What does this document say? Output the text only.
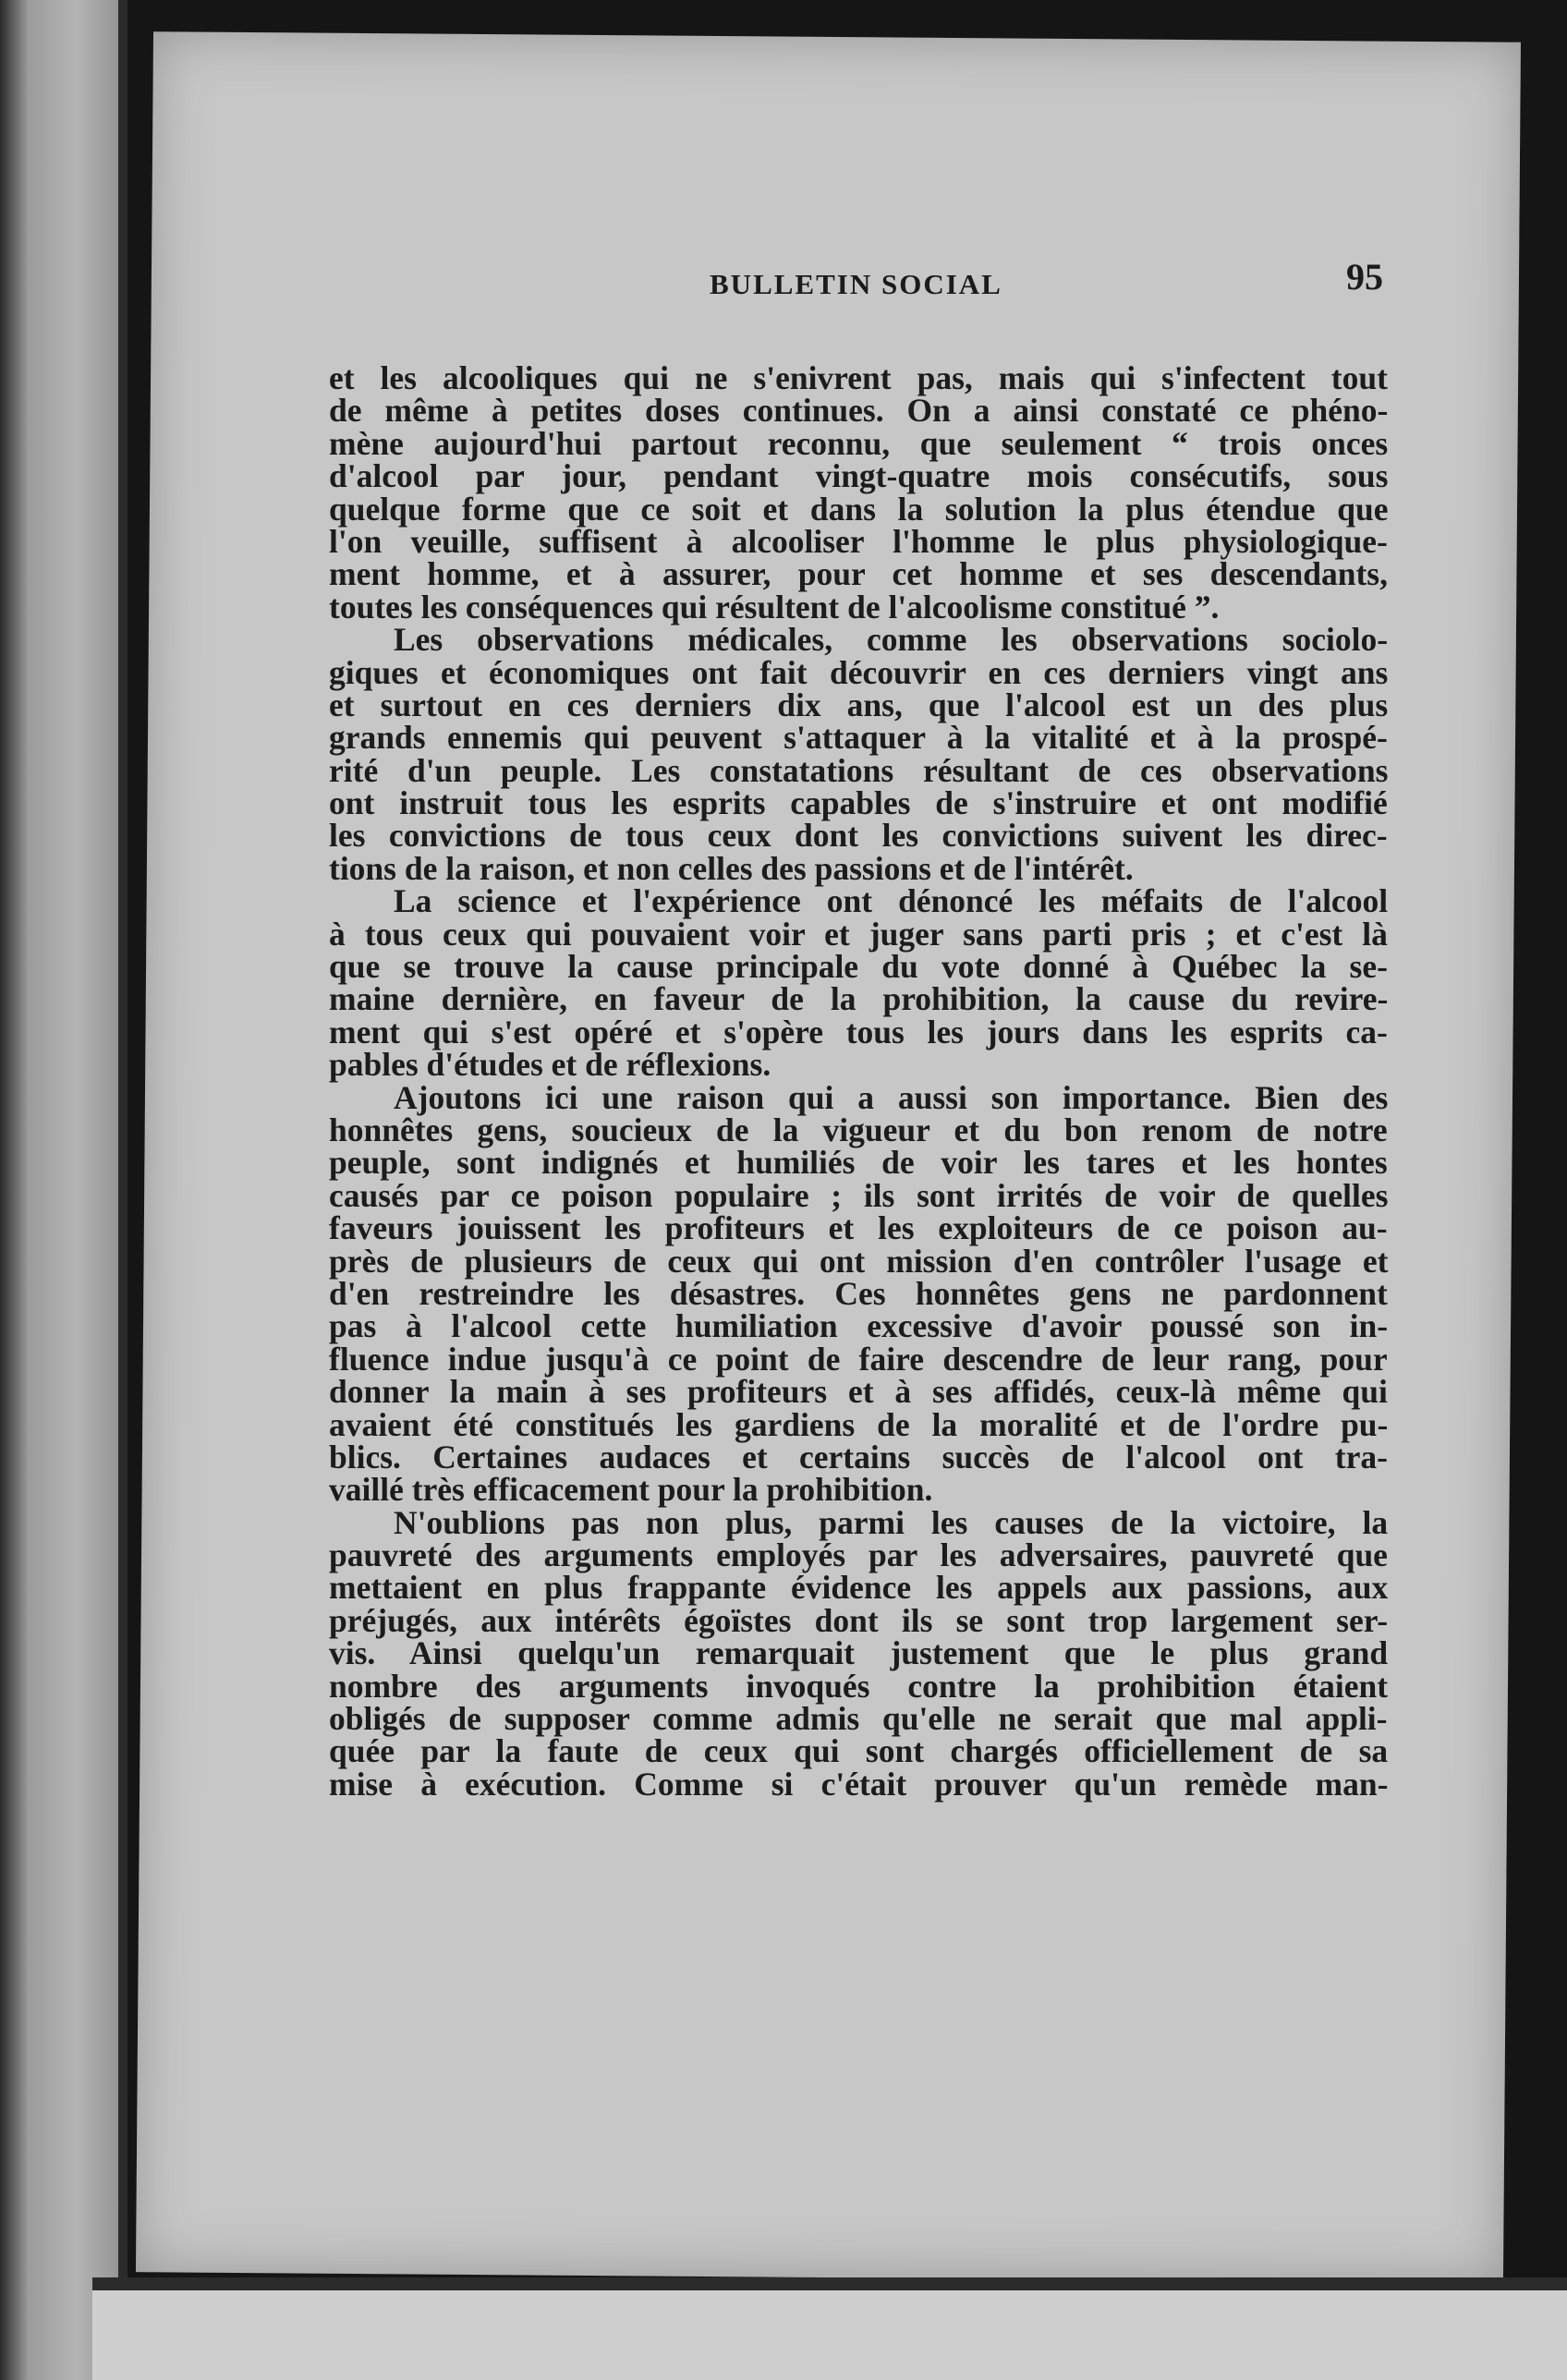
BULLETIN SOCIAL	95

et les alcooliques qui ne s'enivrent pas, mais qui s'infectent tout
de même à petites doses continues. On a ainsi constaté ce phéno-
mène aujourd'hui partout reconnu, que seulement “ trois onces
d'alcool par jour, pendant vingt-quatre mois consécutifs, sous
quelque forme que ce soit et dans la solution la plus étendue que
l'on veuille, suffisent à alcooliser l'homme le plus physiologique-
ment homme, et à assurer, pour cet homme et ses descendants,
toutes les conséquences qui résultent de l'alcoolisme constitué ”.

Les observations médicales, comme les observations sociolo-
giques et économiques ont fait découvrir en ces derniers vingt ans
et surtout en ces derniers dix ans, que l'alcool est un des plus
grands ennemis qui peuvent s'attaquer à la vitalité et à la prospé-
rité d'un peuple. Les constatations résultant de ces observations
ont instruit tous les esprits capables de s'instruire et ont modifié
les convictions de tous ceux dont les convictions suivent les direc-
tions de la raison, et non celles des passions et de l'intérêt.

La science et l'expérience ont dénoncé les méfaits de l'alcool
à tous ceux qui pouvaient voir et juger sans parti pris ; et c'est là
que se trouve la cause principale du vote donné à Québec la se-
maine dernière, en faveur de la prohibition, la cause du revire-
ment qui s'est opéré et s'opère tous les jours dans les esprits ca-
pables d'études et de réflexions.

Ajoutons ici une raison qui a aussi son importance. Bien des
honnêtes gens, soucieux de la vigueur et du bon renom de notre
peuple, sont indignés et humiliés de voir les tares et les hontes
causés par ce poison populaire ; ils sont irrités de voir de quelles
faveurs jouissent les profiteurs et les exploiteurs de ce poison au-
près de plusieurs de ceux qui ont mission d'en contrôler l'usage et
d'en restreindre les désastres. Ces honnêtes gens ne pardonnent
pas à l'alcool cette humiliation excessive d'avoir poussé son in-
fluence indue jusqu'à ce point de faire descendre de leur rang, pour
donner la main à ses profiteurs et à ses affidés, ceux-là même qui
avaient été constitués les gardiens de la moralité et de l'ordre pu-
blics. Certaines audaces et certains succès de l'alcool ont tra-
vaillé très efficacement pour la prohibition.

N'oublions pas non plus, parmi les causes de la victoire, la
pauvreté des arguments employés par les adversaires, pauvreté que
mettaient en plus frappante évidence les appels aux passions, aux
préjugés, aux intérêts égoïstes dont ils se sont trop largement ser-
vis. Ainsi quelqu'un remarquait justement que le plus grand
nombre des arguments invoqués contre la prohibition étaient
obligés de supposer comme admis qu'elle ne serait que mal appli-
quée par la faute de ceux qui sont chargés officiellement de sa
mise à exécution. Comme si c'était prouver qu'un remède man-
